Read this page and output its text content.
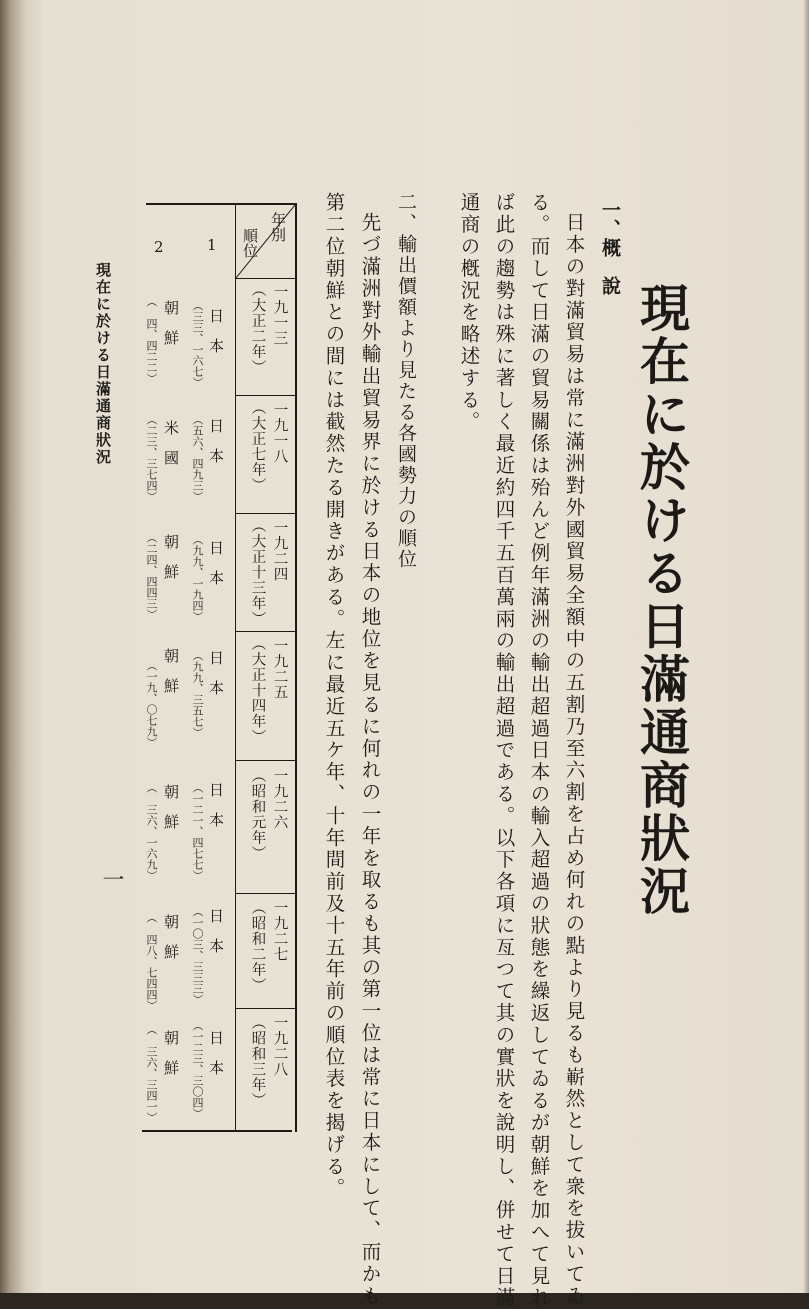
現在に於ける日滿通商狀況
一、概　說
日本の對滿貿易は常に滿洲對外國貿易全額中の五割乃至六割を占め何れの點より見るも嶄然として衆を拔いてゐ
る。而して日滿の貿易關係は殆んど例年滿洲の輸出超過日本の輸入超過の狀態を繰返してゐるが朝鮮を加へて見れ
ば此の趨勢は殊に著しく最近約四千五百萬兩の輸出超過である。以下各項に亙つて其の實狀を說明し、併せて日滿
通商の槪況を略述する。
二、輸出價額より見たる各國勢力の順位
先づ滿洲對外輸出貿易界に於ける日本の地位を見るに何れの一年を取るも其の第一位は常に日本にして、而かも
第二位朝鮮との間には截然たる開きがある。左に最近五ケ年、十年間前及十五年前の順位表を揭げる。
年別
順位
1
2
一九一三
（大正二年）
日　本
（三三、一六七）
朝　鮮
（　四、四二二）
一九一八
（大正七年）
日　本
（五六、四九三）
米　國
（二三、三七四）
一九二四
（大正十三年）
日　本
（九九、一九四）
朝　鮮
（二四、四四三）
一九二五
（大正十四年）
日　本
（九九、三五七）
朝　鮮
（一九、〇七九）
一九二六
（昭和元年）
日　本
（一二一、四七七）
朝　鮮
（　三六、一六九）
一九二七
（昭和二年）
日　本
（一〇三、三三三）
朝　鮮
（　四八、七四四）
一九二八
（昭和三年）
日　本
（一二三、三〇四）
朝　鮮
（　三六、三四一）
現在に於ける日滿通商狀況
一
